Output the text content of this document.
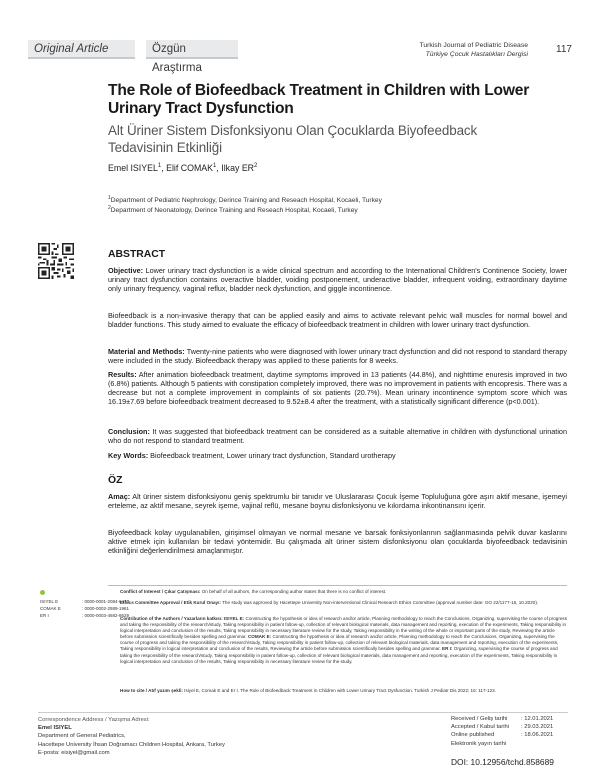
Original Article	Özgün Araştırma
Turkish Journal of Pediatric Disease
Türkiye Çocuk Hastalıkları Dergisi	117
The Role of Biofeedback Treatment in Children with Lower
Urinary Tract Dysfunction
Alt Üriner Sistem Disfonksiyonu Olan Çocuklarda Biyofeedback
Tedavisinin Etkinliği
Emel ISIYEL$^1$, Elif COMAK$^1$, Ilkay $ER^2$
$^1$Department of Pediatric Nephrology, Derince Training and Reseach Hospital, Kocaeli, Turkey
$^2$Department of Neonatology, Derince Training and Reseach Hospital, Kocaeli, Turkey
ABSTRACT
Objective: Lower urinary tract dysfunction is a wide clinical spectrum and according to the International Children's Continence Society, lower urinary tract dysfunction contains overactive bladder, voiding postponement, underactive bladder, infrequent voiding, extraordinary daytime only urinary frequency, vaginal reflux, bladder neck dysfunction, and giggle incontinence.
Biofeedback is a non-invasive therapy that can be applied easily and aims to activate relevant pelvic wall muscles for normal bowel and bladder functions. This study aimed to evaluate the efficacy of biofeedback treatment in children with lower urinary tract dysfunction.
Material and Methods: Twenty-nine patients who were diagnosed with lower urinary tract dysfunction and did not respond to standard therapy were included in the study. Biofeedback therapy was applied to these patients for 8 weeks.
Results: After animation biofeedback treatment, daytime symptoms improved in 13 patients (44.8%), and nighttime enuresis improved in two (6.8%) patients. Although 5 patients with constipation completely improved, there was no improvement in patients with encopresis. There was a decrease but not a complete improvement in complaints of six patients (20.7%). Mean urinary incontinence symptom score which was 16.19±7.69 before biofeedback treatment decreased to 9.52±8.4 after the treatment, with a statistically significant difference (p<0.001).
Conclusion: It was suggested that biofeedback treatment can be considered as a suitable alternative in children with dysfunctional urination who do not respond to standard treatment.
Key Words: Biofeedback treatment, Lower urinary tract dysfunction, Standard urotherapy
ÖZ
Amaç: Alt üriner sistem disfonksiyonu geniş spektrumlu bir tanıdır ve Uluslararası Çocuk İşeme Topluluğuna göre aşırı aktif mesane, işemeyi erteleme, az aktif mesane, seyrek işeme, vajinal reflü, mesane boynu disfonksiyonu ve kıkırdama inkontinansını içerir.
Biyofeedback kolay uygulanabilen, girişimsel olmayan ve normal mesane ve barsak fonksiyonlarının sağlanmasında pelvik duvar kaslarını aktive etmek için kullanılan bir tedavi yöntemidir. Bu çalışmada alt üriner sistem disfonksiyonu olan çocuklarda biyofeedback tedavisinin etkinliğini değerlendirilmesi amaçlanmıştır.
ISIYEL E	: 0000-0001-2084-6473
COMAK E	: 0000-0002-2589-1961
ER I	: 0000-0003-4682-8629
Conflict of Interest / Çıkar Çatışması: On behalf of all authors, the corresponding author states that there is no conflict of interest.
Ethics Committee Approval / Etik Kurul Onayı: The study was approved by Hacettepe University Non-interventional Clinical Research Ethics Committee (approval number date: GO 22/1177-15, 10.2020).
Contribution of the Authors / Yazarların katkısı: ISIYEL E: Constructing the hypothesis or idea of research and/or article, Planning methodology to reach the Conclusions, Organizing, supervising the course of progress and taking the responsibility of the research/study, Taking responsibility in patient follow-up, collection of relevant biological materials, data management and reporting, execution of the experiments, Taking responsibility in logical interpretation and conclusion of the results, Taking responsibility in necessary literature review for the study, Taking responsibility in the writing of the whole or important parts of the study, Reviewing the article before submission scientifically besides spelling and grammar. COMAK E: Constructing the hypothesis or idea of research and/or article, Planning methodology to reach the Conclusions, Organizing, supervising the course of progress and taking the responsibility of the research/study, Taking responsibility in patient follow-up, collection of relevant biological materials, data management and reporting, execution of the experiments, Taking responsibility in logical interpretation and conclusion of the results, Reviewing the article before submission scientifically besides spelling and grammar. ER I: Organizing, supervising the course of progress and taking the responsibility of the research/study, Taking responsibility in patient follow-up, collection of relevant biological materials, data management and reporting, execution of the experiments, Taking responsibility in logical interpretation and conclusion of the results, Taking responsibility in necessary literature review for the study.
How to cite / Atıf yazım şekli: Isiyel E, Comak E and Er I. The Role of Biofeedback Treatment in Children with Lower Urinary Tract Dysfunction. Turkish J Pediatr Dis 2022; 16: 117-123.
Correspondence Address / Yazışma Adresi:
Emel ISIYEL
Department of General Pediatrics,
Hacettepe University İhsan Doğramacı Children Hospital, Ankara, Turkey
E-posta: eisiyel@gmail.com
Received / Geliş tarihi : 12.01.2021
Accepted / Kabul tarihi : 29.03.2021
Online published	: 18.06.2021
Elektronik yayın tarihi
DOI: 10.12956/tchd.858689
